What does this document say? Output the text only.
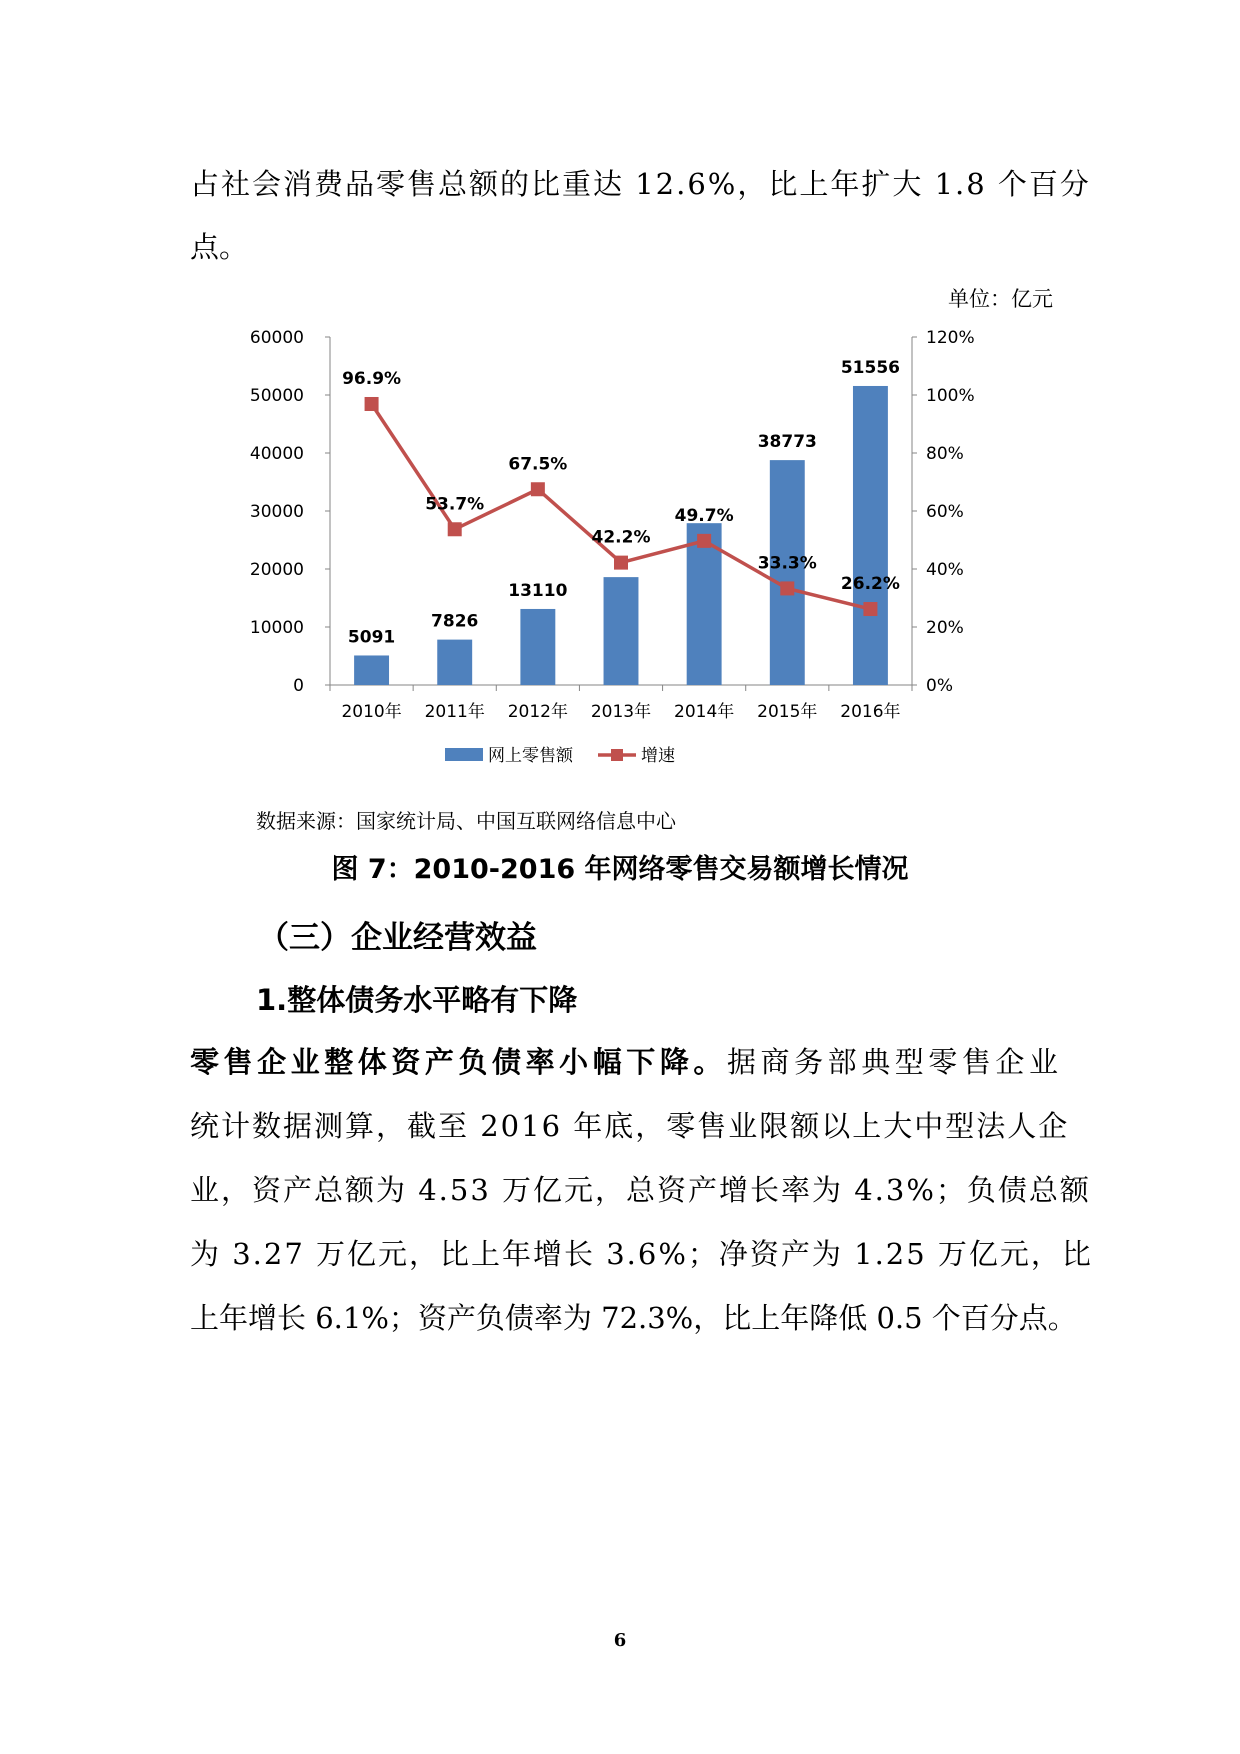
占社会消费品零售总额的比重达 12.6%，比上年扩大 1.8 个百分

点。

单位：亿元
0
10000
20000
30000
40000
50000
60000
0%
20%
40%
60%
80%
100%
120%
2010年 2011年 2012年 2013年 2014年 2015年 2016年
5091
7826
13110
38773
51556
96.9%
53.7%
67.5%
42.2%
49.7%
33.3%
26.2%
网上零售额	增速
数据来源：国家统计局、中国互联网络信息中心
图 7：2010-2016 年网络零售交易额增长情况
（三）企业经营效益
1.整体债务水平略有下降

零售企业整体资产负债率小幅下降。据商务部典型零售企业

统计数据测算，截至 2016 年底，零售业限额以上大中型法人企

业，资产总额为 4.53 万亿元，总资产增长率为 4.3%；负债总额

为 3.27 万亿元，比上年增长 3.6%；净资产为 1.25 万亿元，比

上年增长 6.1%；资产负债率为 72.3%，比上年降低 0.5 个百分点。

6
